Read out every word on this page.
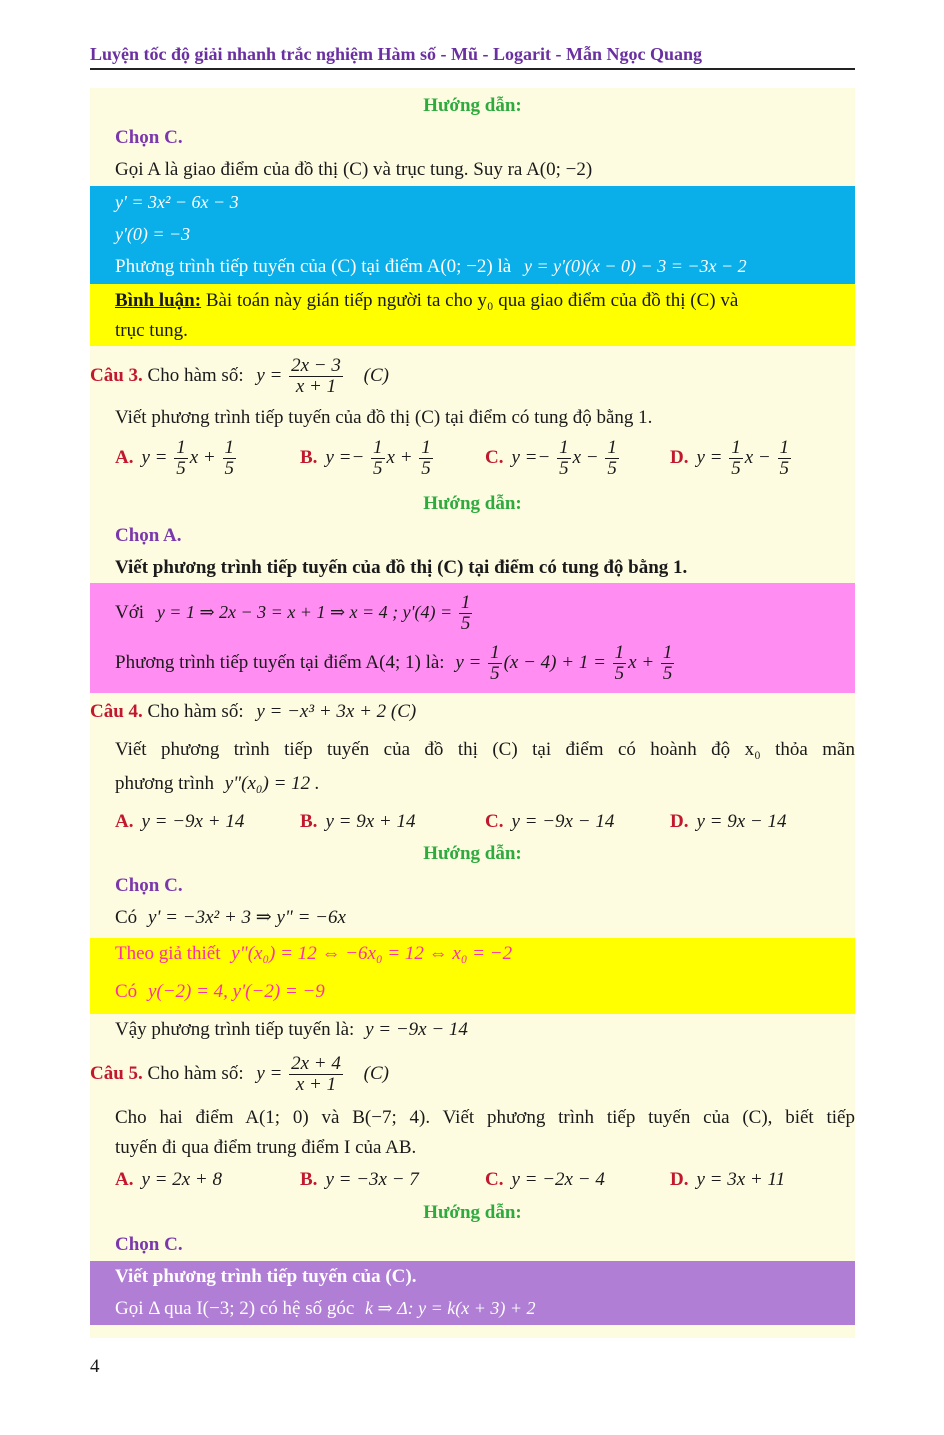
Luyện tốc độ giải nhanh trắc nghiệm Hàm số - Mũ - Logarit - Mẫn Ngọc Quang
Hướng dẫn:
Chọn C.
Gọi A là giao điểm của đồ thị (C) và trục tung. Suy ra A(0; −2)
y' = 3x² − 6x − 3
y'(0) = −3
Phương trình tiếp tuyến của (C) tại điểm A(0; −2) là y = y'(0)(x − 0) − 3 = −3x − 2
Bình luận: Bài toán này gián tiếp người ta cho y₀ qua giao điểm của đồ thị (C) và
trục tung.
Câu 3. Cho hàm số: $y = \frac{2x - 3}{x + 1} (C)$
Viết phương trình tiếp tuyến của đồ thị (C) tại điểm có tung độ bằng 1.
A. $y = \frac{1}{5}$ $x + \frac{1}{5}$	B. $y =- \frac{1}{5}$ $x + \frac{1}{5}$	C. $y =- \frac{1}{5}$ $x - \frac{1}{5}$	D. $y = \frac{1}{5}$ $x - \frac{1}{5}$
Hướng dẫn:
Chọn A.
Viết phương trình tiếp tuyến của đồ thị (C) tại điểm có tung độ bằng 1.
Với y = 1 ⇒ 2x − 3 = x + 1 ⇒ x = 4 ; $y'(4) = \frac{1}{5}$
Phương trình tiếp tuyến tại điểm A(4; 1) là: $y = \frac{1}{5} (x - 4) + 1 = \frac{1}{5}$ $x + \frac{1}{5}$
Câu 4. Cho hàm số: y = −x³ + 3x + 2 (C)
Viết phương trình tiếp tuyến của đồ thị (C) tại điểm có hoành độ x₀ thỏa mãn
phương trình y"(x₀) = 12 .
A. y = −9x + 14	B. y = 9x + 14	C. y = −9x − 14	D. y = 9x − 14
Hướng dẫn:
Chọn C.
Có y' = −3x² + 3 ⇒ y" = −6x
Theo giả thiết y"(x₀) = 12 ⇔ −6x₀ = 12 ⇔ x₀ = −2
Có y(−2) = 4, y'(−2) = −9
Vậy phương trình tiếp tuyến là: y = −9x − 14
Câu 5. Cho hàm số: $y = \frac{2x + 4}{x + 1} (C)$
Cho hai điểm A(1; 0) và B(−7; 4). Viết phương trình tiếp tuyến của (C), biết tiếp
tuyến đi qua điểm trung điểm I của AB.
A. y = 2x + 8	B. y = −3x − 7	C. y = −2x − 4	D. y = 3x + 11
Hướng dẫn:
Chọn C.
Viết phương trình tiếp tuyến của (C).
Gọi Δ qua I(−3; 2) có hệ số góc k ⇒ Δ: y = k(x + 3) + 2
4
